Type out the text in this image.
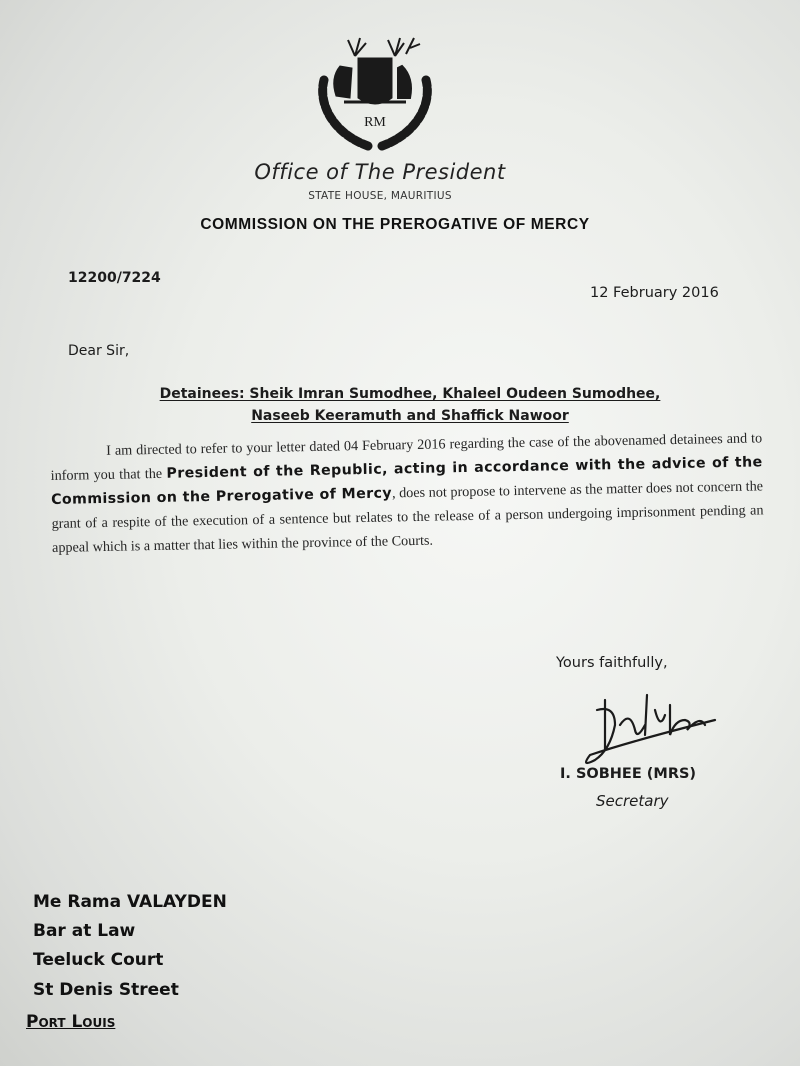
RM
Office of The President
STATE HOUSE, MAURITIUS
COMMISSION ON THE PREROGATIVE OF MERCY
12200/7224
12 February 2016
Dear Sir,
Detainees: Sheik Imran Sumodhee, Khaleel Oudeen Sumodhee,
Naseeb Keeramuth and Shaffick Nawoor
I am directed to refer to your letter dated 04 February 2016 regarding the case of the abovenamed detainees and to inform you that the President of the Republic, acting in accordance with the advice of the Commission on the Prerogative of Mercy, does not propose to intervene as the matter does not concern the grant of a respite of the execution of a sentence but relates to the release of a person undergoing imprisonment pending an appeal which is a matter that lies within the province of the Courts.
Yours faithfully,
I. SOBHEE (MRS)
Secretary
Me Rama VALAYDEN
Bar at Law
Teeluck Court
St Denis Street
Port Louis
